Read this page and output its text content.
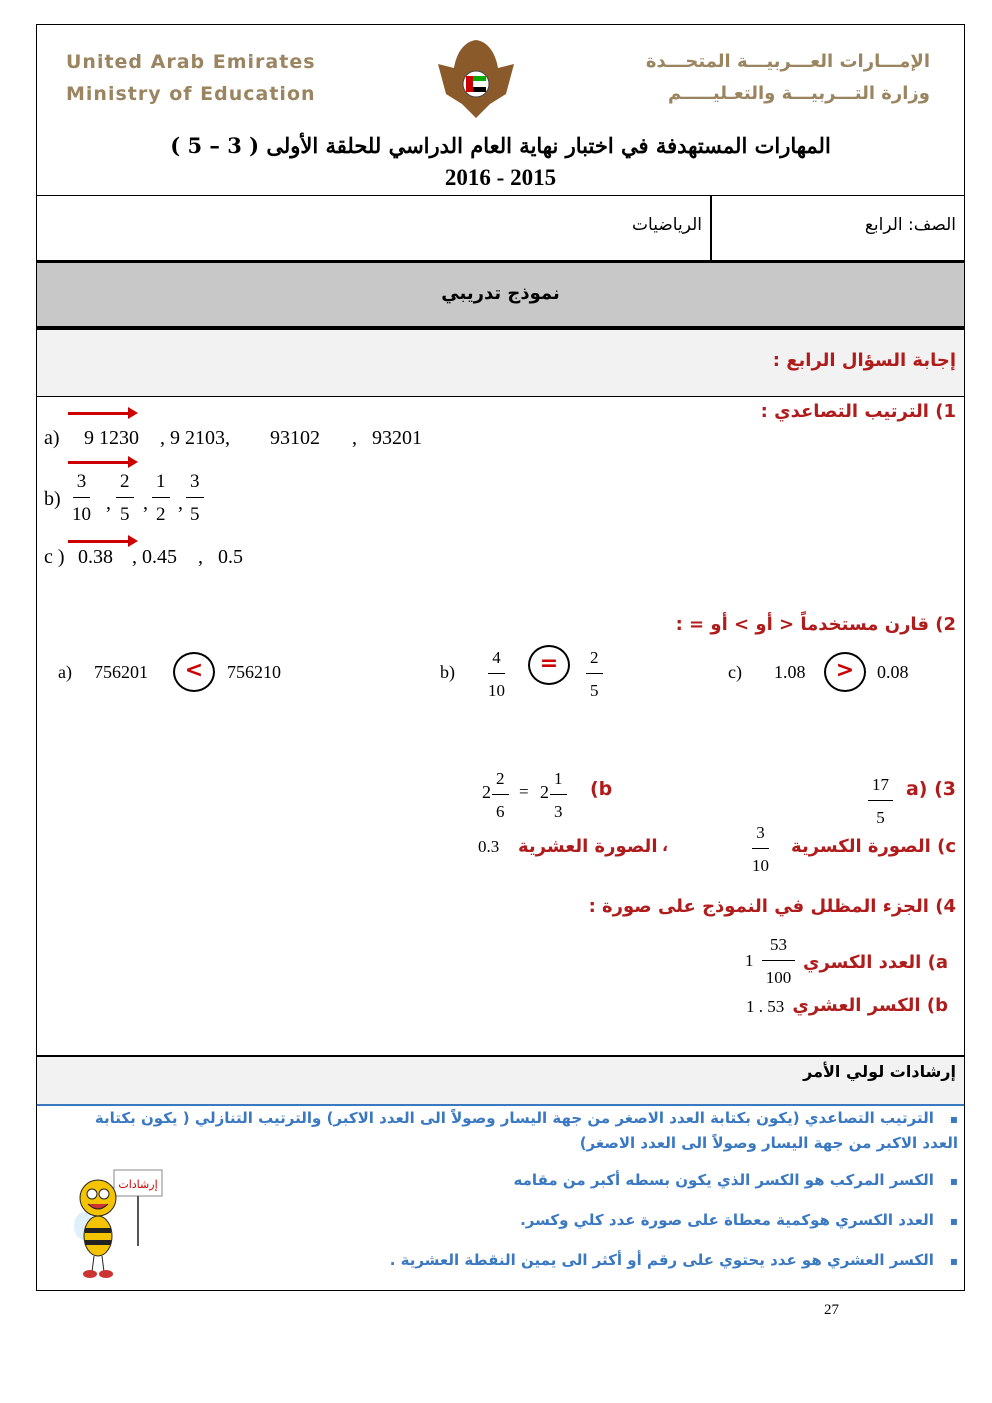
United Arab Emirates
Ministry of Education
الإمـــارات العـــربيـــة المتحـــدة
وزارة التـــربيـــة والتعـليـــــم
المهارات المستهدفة في اختبار نهاية العام الدراسي للحلقة الأولى ( 3 – 5 )
2016 - 2015
الصف: الرابع
الرياضيات
نموذج تدريبي
إجابة السؤال الرابع :
1) الترتيب التصاعدي :
a) 9 1230 , 9 2103, 93102 , 93201
$b) \frac{3}{10}$ , $\frac{2}{5}$ , $\frac{1}{2}$ , $\frac{3}{5}$
c ) 0.38 , 0.45 , 0.5
2) قارن مستخدماً < أو > أو = :
a) 756201	<	756210	$b) \frac{4}{10}$	=	$\frac{2}{5}$	c) 1.08	>	0.08
3) (a
$\frac{17}{5}$
(b
$2 \frac{2}{6} = 2 \frac{1}{3}$
c) الصورة الكسرية
$\frac{3}{10}$
،
الصورة العشرية
0.3
4) الجزء المظلل في النموذج على صورة :
a) العدد الكسري
$1 \frac{53}{100}$
b) الكسر العشري
1 . 53
إرشادات لولي الأمر
▪ الترتيب التصاعدي (يكون بكتابة العدد الاصغر من جهة اليسار وصولاً الى العدد الاكبر) والترتيب التنازلي ( يكون بكتابة العدد الاكبر من جهة اليسار وصولاً الى العدد الاصغر)
▪ الكسر المركب هو الكسر الذي يكون بسطه أكبر من مقامه
▪ العدد الكسري هوكمية معطاة على صورة عدد كلي وكسر.
▪ الكسر العشري هو عدد يحتوي على رقم أو أكثر الى يمين النقطة العشرية .
إرشادات
27
